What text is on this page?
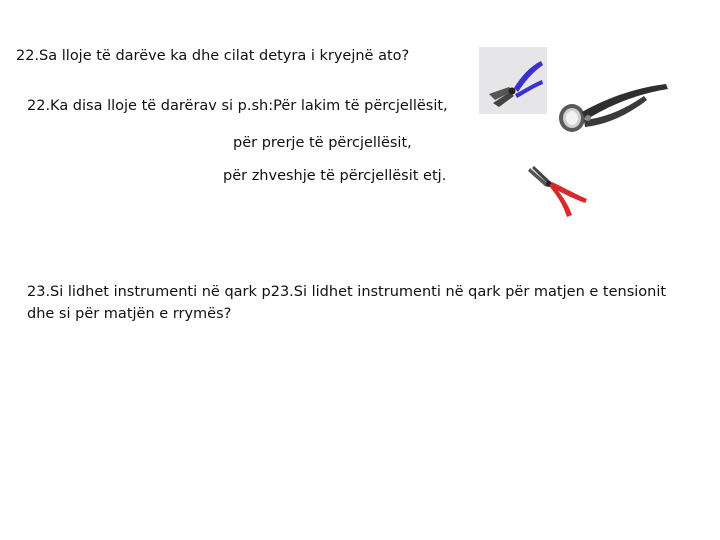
22.Sa lloje të darëve ka dhe cilat detyra i kryejnë ato?
22.Ka disa lloje të darërav si p.sh:Për lakim të përcjellësit,
për prerje të përcjellësit,
për zhveshje të përcjellësit etj.
23.Si lidhet instrumenti në qark p23.Si lidhet instrumenti në qark për matjen e tensionit dhe si për matjën e rrymës?
